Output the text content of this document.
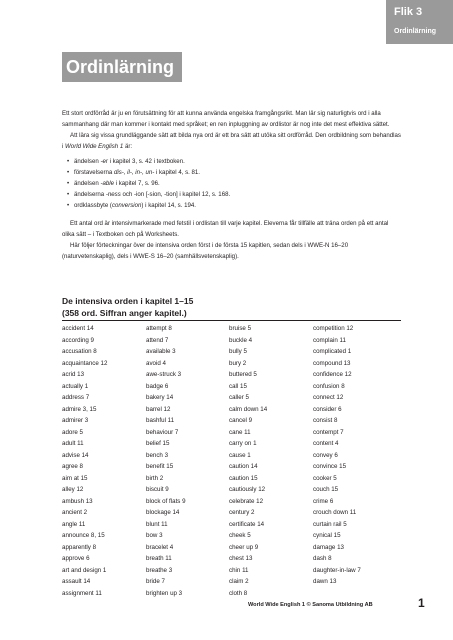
Flik 3
Ordinlärning
Ordinlärning

Ett stort ordförråd är ju en förutsättning för att kunna använda engelska framgångsrikt. Man lär sig naturligtvis ord i alla sammanhang där man kommer i kontakt med språket; en ren inpluggning av ordlistor är nog inte det mest effektiva sättet.

Att lära sig vissa grundläggande sätt att bilda nya ord är ett bra sätt att utöka sitt ordförråd. Den ordbildning som behandlas i World Wide English 1 är:

• ändelsen -er i kapitel 3, s. 42 i textboken.
• förstavelserna dis-, il-, in-, un- i kapitel 4, s. 81.
• ändelsen -able i kapitel 7, s. 96.
• ändelserna -ness och -ion [-sion, -tion] i kapitel 12, s. 168.
• ordklassbyte (conversion) i kapitel 14, s. 194.

Ett antal ord är intensivmarkerade med fetstil i ordlistan till varje kapitel. Eleverna får tillfälle att träna orden på ett antal olika sätt – i Textboken och på Worksheets.

Här följer förteckningar över de intensiva orden först i de första 15 kapitlen, sedan dels i WWE-N 16–20 (naturvetenskaplig), dels i WWE-S 16–20 (samhällsvetenskaplig).

De intensiva orden i kapitel 1–15
(358 ord. Siffran anger kapitel.)
accident 14
according 9
accusation 8
acquaintance 12
acrid 13
actually 1
address 7
admire 3, 15
admirer 3
adore 5
adult 11
advise 14
agree 8
aim at 15
alley 12
ambush 13
ancient 2
angle 11
announce 8, 15
apparently 8
approve 6
art and design 1
assault 14
assignment 11
attempt 8
attend 7
available 3
avoid 4
awe-struck 3
badge 6
bakery 14
barrel 12
bashful 11
behaviour 7
belief 15
bench 3
benefit 15
birth 2
biscuit 9
block of flats 9
blockage 14
blunt 11
bow 3
bracelet 4
breath 11
breathe 3
bride 7
brighten up 3
bruise 5
buckle 4
bully 5
bury 2
buttered 5
call 15
caller 5
calm down 14
cancel 9
cane 11
carry on 1
cause 1
caution 14
caution 15
cautiously 12
celebrate 12
century 2
certificate 14
cheek 5
cheer up 9
chest 13
chin 11
claim 2
cloth 8
competition 12
complain 11
complicated 1
compound 13
confidence 12
confusion 8
connect 12
consider 6
consist 8
contempt 7
content 4
convey 6
convince 15
cooker 5
couch 15
crime 6
crouch down 11
curtain rail 5
cynical 15
damage 13
dash 8
daughter-in-law 7
dawn 13
World Wide English 1 © Sanoma Utbildning AB	1
